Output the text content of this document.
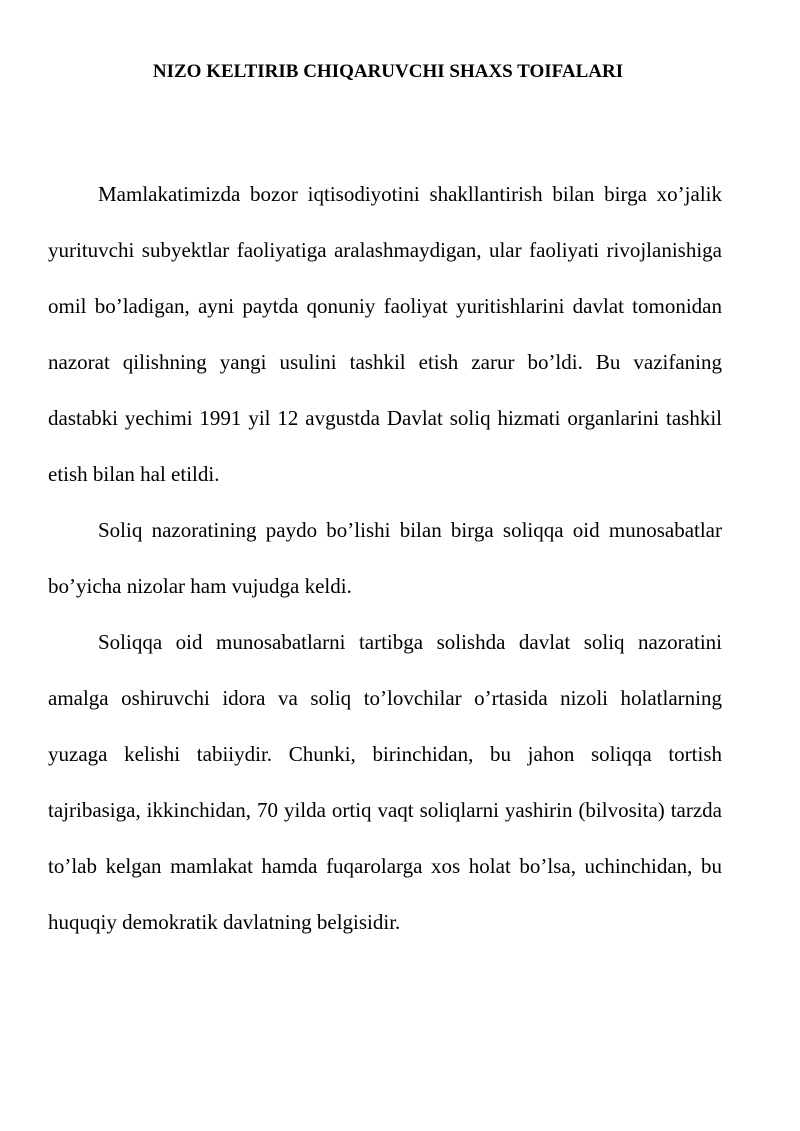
NIZO KELTIRIB CHIQARUVCHI SHAXS TOIFALARI

Mamlakatimizda bozor iqtisodiyotini shakllantirish bilan birga xo’jalik yurituvchi subyektlar faoliyatiga aralashmaydigan, ular faoliyati rivojlanishiga omil bo’ladigan, ayni paytda qonuniy faoliyat yuritishlarini davlat tomonidan nazorat qilishning yangi usulini tashkil etish zarur bo’ldi. Bu vazifaning dastabki yechimi 1991 yil 12 avgustda Davlat soliq hizmati organlarini tashkil etish bilan hal etildi.

Soliq nazoratining paydo bo’lishi bilan birga soliqqa oid munosabatlar bo’yicha nizolar ham vujudga keldi.

Soliqqa oid munosabatlarni tartibga solishda davlat soliq nazoratini amalga oshiruvchi idora va soliq to’lovchilar o’rtasida nizoli holatlarning yuzaga kelishi tabiiydir. Chunki, birinchidan, bu jahon soliqqa tortish tajribasiga, ikkinchidan, 70 yilda ortiq vaqt soliqlarni yashirin (bilvosita) tarzda to’lab kelgan mamlakat hamda fuqarolarga xos holat bo’lsa, uchinchidan, bu huquqiy demokratik davlatning belgisidir.
